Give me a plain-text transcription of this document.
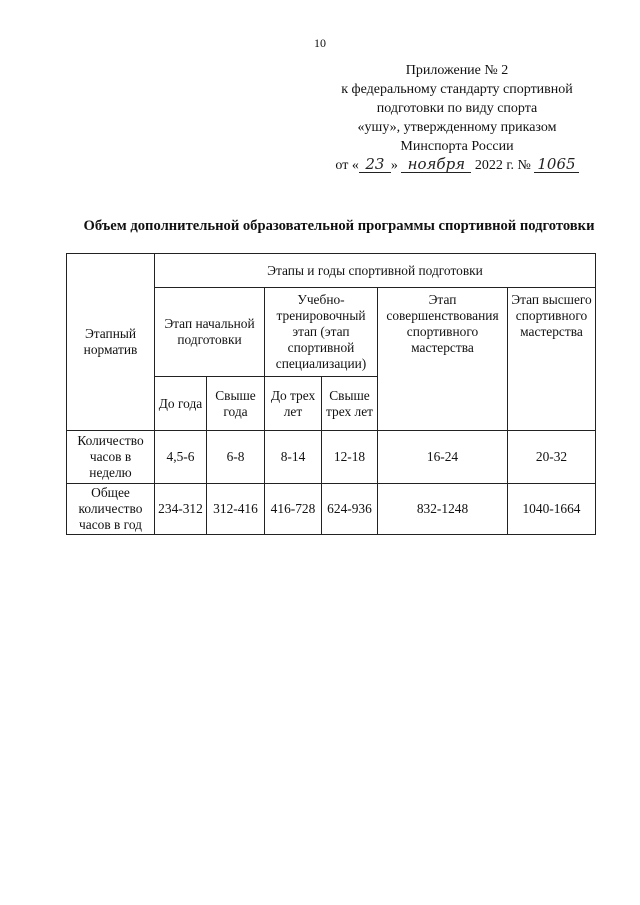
10
Приложение № 2
к федеральному стандарту спортивной
подготовки по виду спорта
«ушу», утвержденному приказом
Минспорта России
от « 23 » ноября 2022 г. № 1065
Объем дополнительной образовательной программы спортивной подготовки
Этапный норматив	Этапы и годы спортивной подготовки					
	Этап начальной подготовки		Учебно-тренировочный этап (этап спортивной специализации)		Этап совершенствования спортивного мастерства	Этап высшего спортивного мастерства
	До года	Свыше года	До трех лет	Свыше трех лет		
Количество часов в неделю	4,5-6	6-8	8-14	12-18	16-24	20-32
Общее количество часов в год	234-312	312-416	416-728	624-936	832-1248	1040-1664
